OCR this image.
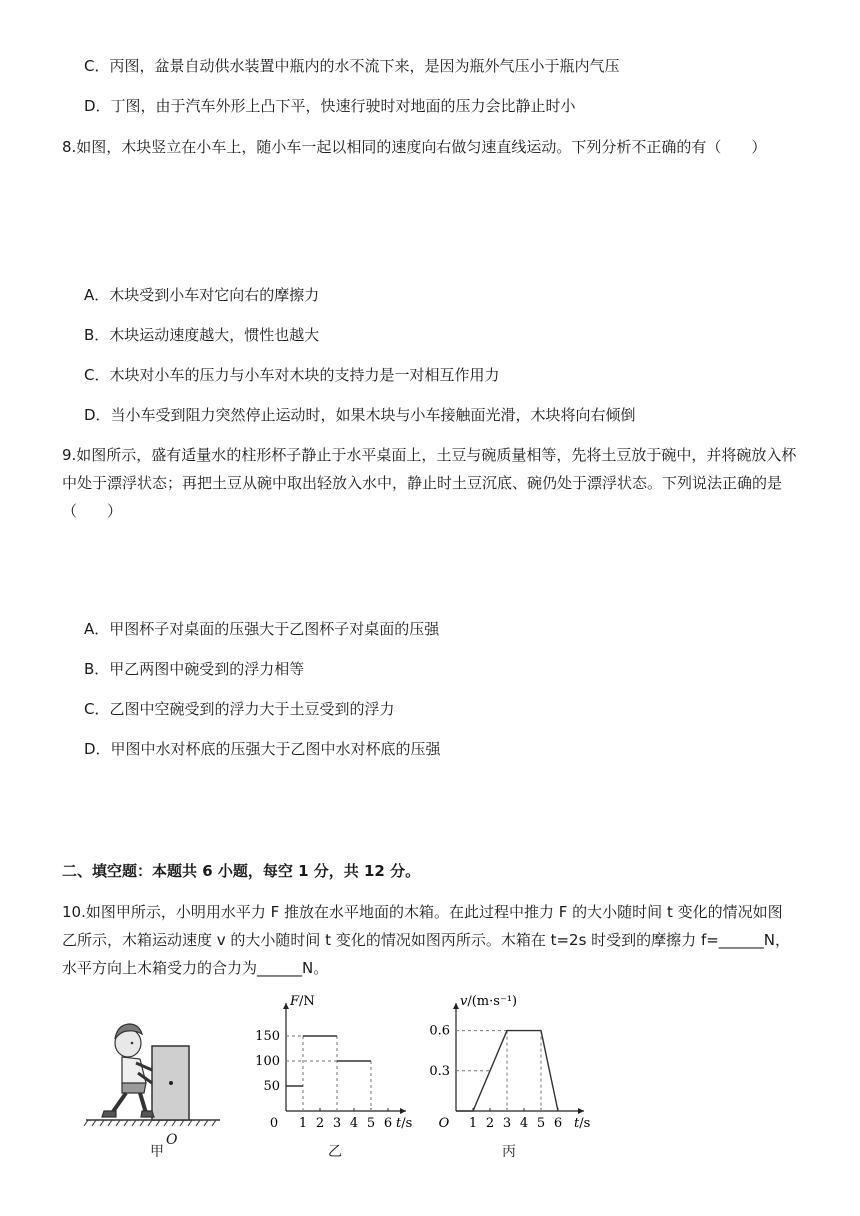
C．丙图，盆景自动供水装置中瓶内的水不流下来，是因为瓶外气压小于瓶内气压
D．丁图，由于汽车外形上凸下平，快速行驶时对地面的压力会比静止时小
8.如图，木块竖立在小车上，随小车一起以相同的速度向右做匀速直线运动。下列分析不正确的有（　　）
A．木块受到小车对它向右的摩擦力
B．木块运动速度越大，惯性也越大
C．木块对小车的压力与小车对木块的支持力是一对相互作用力
D．当小车受到阻力突然停止运动时，如果木块与小车接触面光滑，木块将向右倾倒
9.如图所示，盛有适量水的柱形杯子静止于水平桌面上，土豆与碗质量相等，先将土豆放于碗中，并将碗放入杯中处于漂浮状态；再把土豆从碗中取出轻放入水中，静止时土豆沉底、碗仍处于漂浮状态。下列说法正确的是（　　）
A．甲图杯子对桌面的压强大于乙图杯子对桌面的压强
B．甲乙两图中碗受到的浮力相等
C．乙图中空碗受到的浮力大于土豆受到的浮力
D．甲图中水对杯底的压强大于乙图中水对杯底的压强
二、填空题：本题共 6 小题，每空 1 分，共 12 分。
10.如图甲所示，小明用水平力 F 推放在水平地面的木箱。在此过程中推力 F 的大小随时间 t 变化的情况如图乙所示，木箱运动速度 v 的大小随时间 t 变化的情况如图丙所示。木箱在 t=2s 时受到的摩擦力 f=______N，水平方向上木箱受力的合力为______N。
O
甲
0 1 2 3 4 5 6
150
100
50
F/N
t/s
乙
O 1 2 3 4 5 6
0.6
0.3
v/(m·s⁻¹)
t/s
丙
